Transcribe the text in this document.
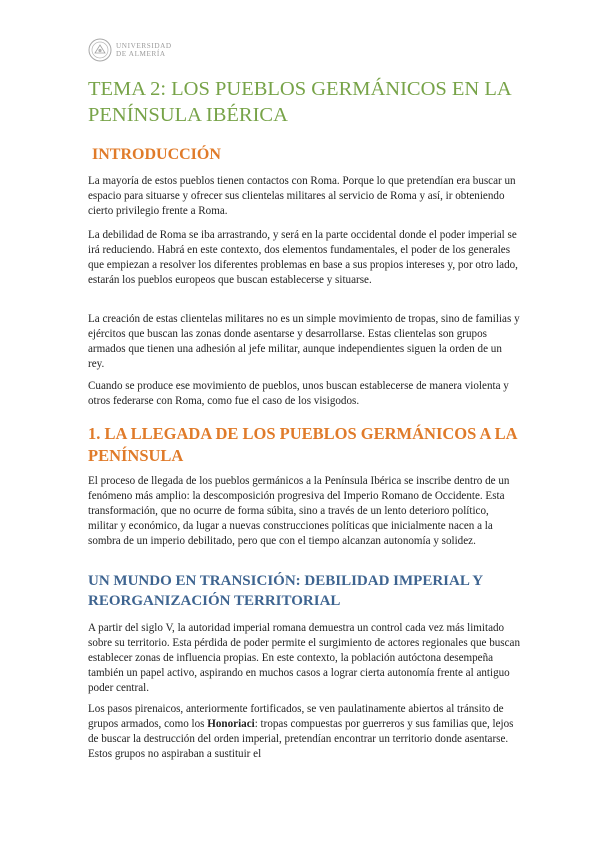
UNIVERSIDAD
DE ALMERÍA
TEMA 2: LOS PUEBLOS GERMÁNICOS EN LA PENÍNSULA IBÉRICA
INTRODUCCIÓN

La mayoría de estos pueblos tienen contactos con Roma. Porque lo que pretendían era buscar un espacio para situarse y ofrecer sus clientelas militares al servicio de Roma y así, ir obteniendo cierto privilegio frente a Roma.

La debilidad de Roma se iba arrastrando, y será en la parte occidental donde el poder imperial se irá reduciendo. Habrá en este contexto, dos elementos fundamentales, el poder de los generales que empiezan a resolver los diferentes problemas en base a sus propios intereses y, por otro lado, estarán los pueblos europeos que buscan establecerse y situarse.

La creación de estas clientelas militares no es un simple movimiento de tropas, sino de familias y ejércitos que buscan las zonas donde asentarse y desarrollarse. Estas clientelas son grupos armados que tienen una adhesión al jefe militar, aunque independientes siguen la orden de un rey.

Cuando se produce ese movimiento de pueblos, unos buscan establecerse de manera violenta y otros federarse con Roma, como fue el caso de los visigodos.

1. LA LLEGADA DE LOS PUEBLOS GERMÁNICOS A LA PENÍNSULA

El proceso de llegada de los pueblos germánicos a la Península Ibérica se inscribe dentro de un fenómeno más amplio: la descomposición progresiva del Imperio Romano de Occidente. Esta transformación, que no ocurre de forma súbita, sino a través de un lento deterioro político, militar y económico, da lugar a nuevas construcciones políticas que inicialmente nacen a la sombra de un imperio debilitado, pero que con el tiempo alcanzan autonomía y solidez.

UN MUNDO EN TRANSICIÓN: DEBILIDAD IMPERIAL Y REORGANIZACIÓN TERRITORIAL

A partir del siglo V, la autoridad imperial romana demuestra un control cada vez más limitado sobre su territorio. Esta pérdida de poder permite el surgimiento de actores regionales que buscan establecer zonas de influencia propias. En este contexto, la población autóctona desempeña también un papel activo, aspirando en muchos casos a lograr cierta autonomía frente al antiguo poder central.

Los pasos pirenaicos, anteriormente fortificados, se ven paulatinamente abiertos al tránsito de grupos armados, como los Honoriaci: tropas compuestas por guerreros y sus familias que, lejos de buscar la destrucción del orden imperial, pretendían encontrar un territorio donde asentarse. Estos grupos no aspiraban a sustituir el
